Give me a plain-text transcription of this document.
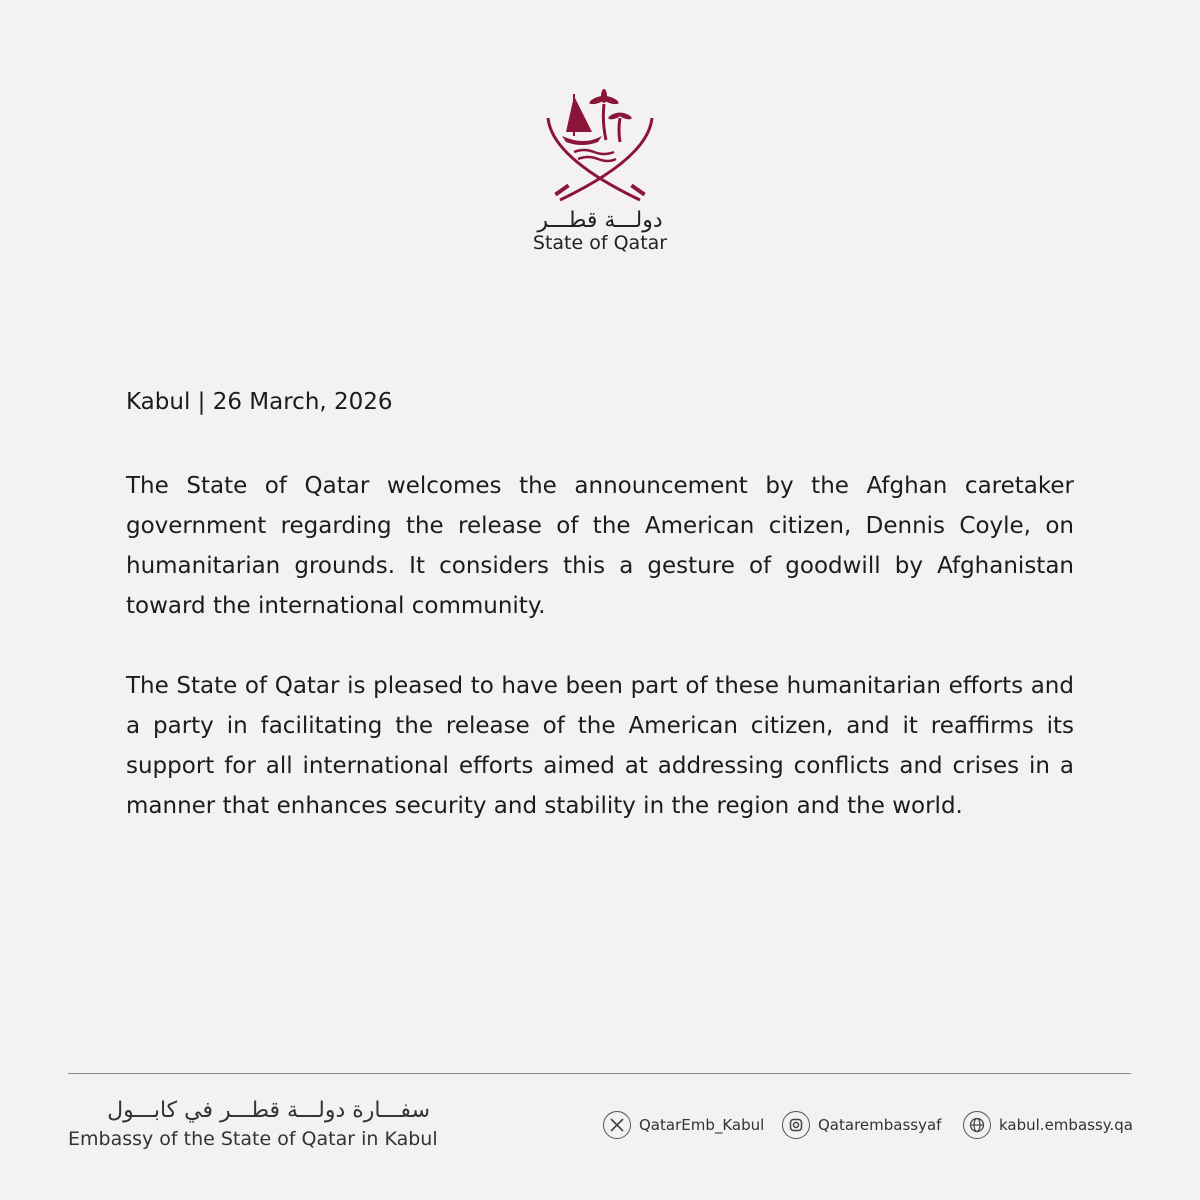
دولـــة قطـــر
State of Qatar
Kabul | 26 March, 2026

The State of Qatar welcomes the announcement by the Afghan caretaker government regarding the release of the American citizen, Dennis Coyle, on humanitarian grounds. It considers this a gesture of goodwill by Afghanistan toward the international community.

The State of Qatar is pleased to have been part of these humanitarian efforts and a party in facilitating the release of the American citizen, and it reaffirms its support for all international efforts aimed at addressing conflicts and crises in a manner that enhances security and stability in the region and the world.

سفـــارة دولـــة قطـــر في كابـــول
Embassy of the State of Qatar in Kabul
QatarEmb_Kabul	Qatarembassyaf	kabul.embassy.qa
